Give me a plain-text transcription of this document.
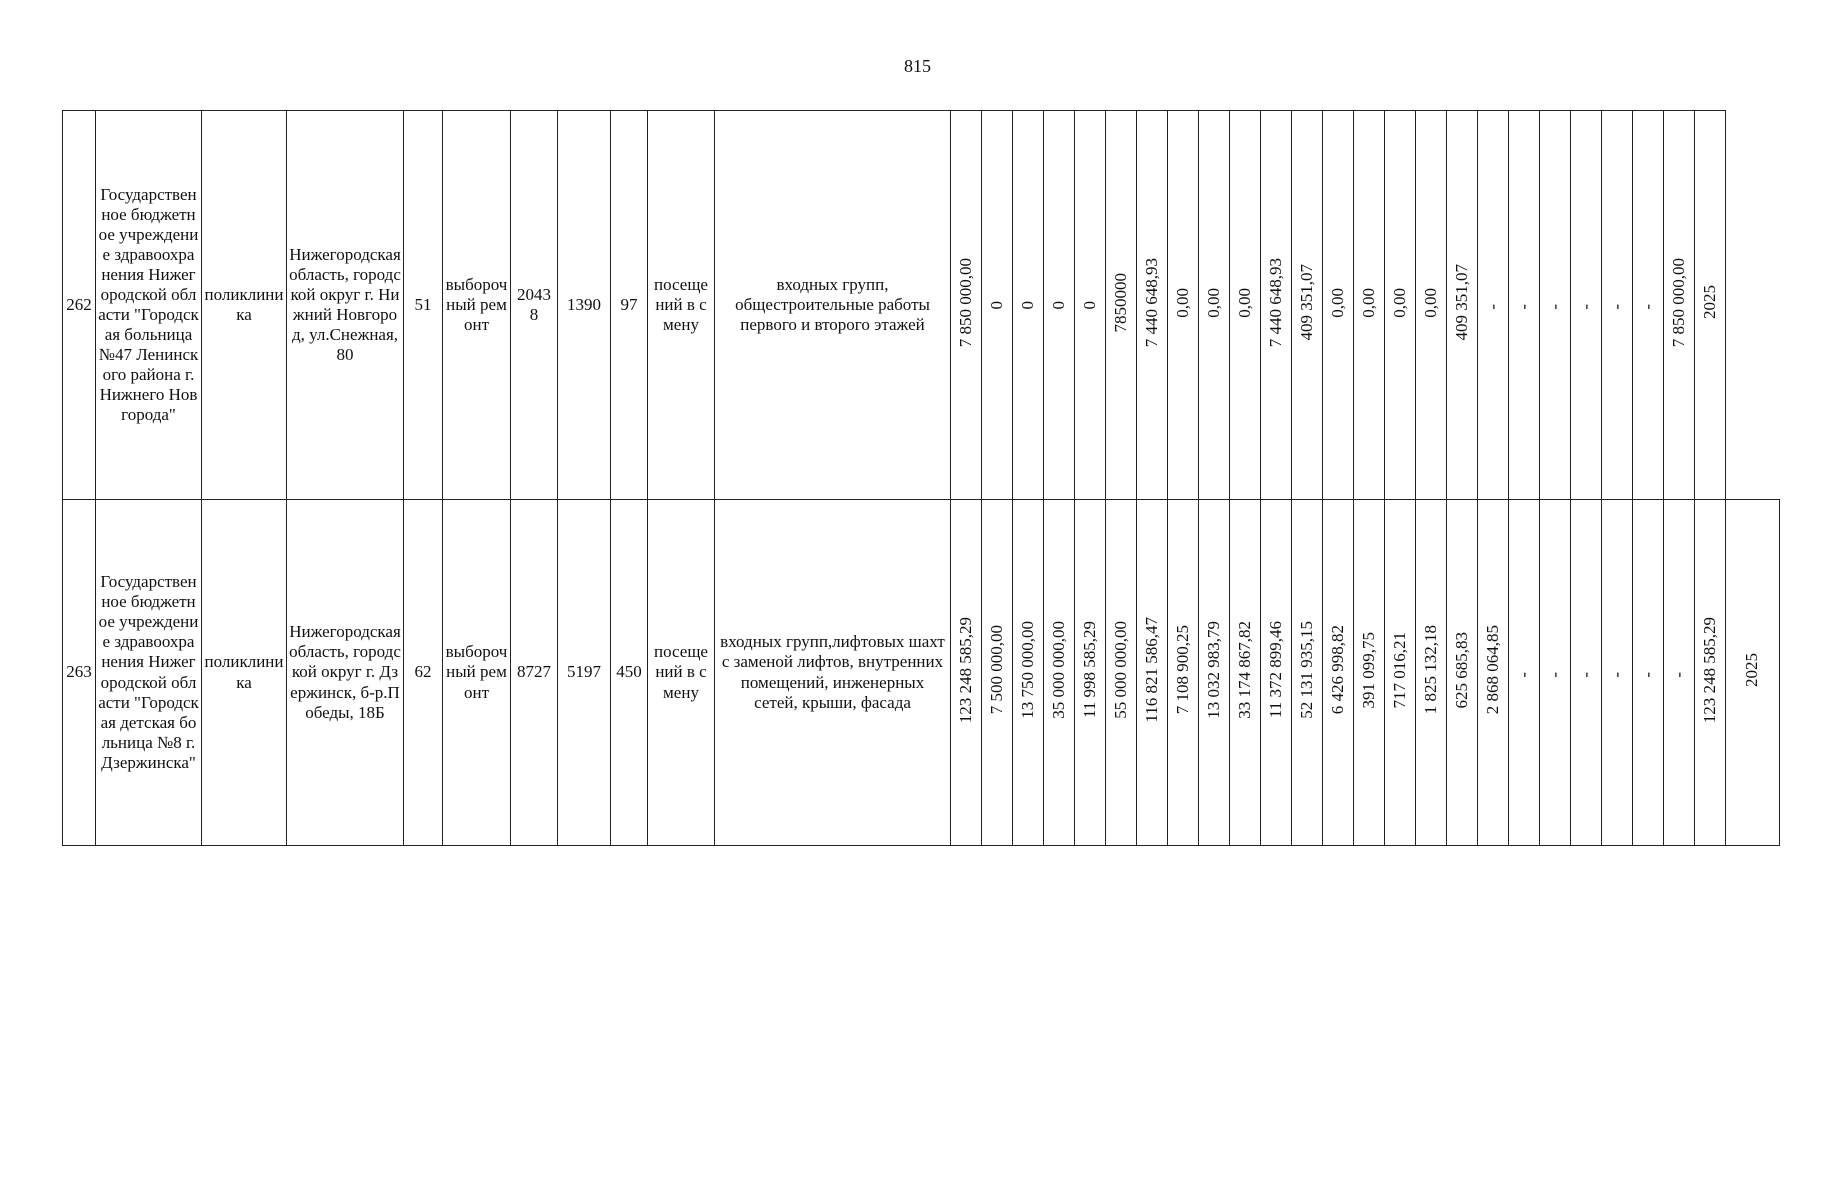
815
262	Государственное бюджетное учреждение здравоохранения Нижегородской области "Городская больница №47 Ленинского района г.Нижнего Новгорода"	поликлиника	Нижегородская область, городской округ г. Нижний Новгород, ул.Снежная, 80	51	выборочный ремонт	20438	1390	97	посещений в смену	входных групп, общестроительные работы первого и второго этажей	7 850 000,00	0	0	0	0	7850000	7 440 648,93	0,00	0,00	0,00	7 440 648,93	409 351,07	0,00	0,00	0,00	0,00	409 351,07	-	-	-	-	-	-	7 850 000,00	2025	
263	Государственное бюджетное учреждение здравоохранения Нижегородской области "Городская детская больница №8 г.Дзержинска"	поликлиника	Нижегородская область, городской округ г. Дзержинск, б-р.Победы, 18Б	62	выборочный ремонт	8727	5197	450	посещений в смену	входных групп,лифтовых шахт с заменой лифтов, внутренних помещений, инженерных сетей, крыши, фасада	123 248 585,29	7 500 000,00	13 750 000,00	35 000 000,00	11 998 585,29	55 000 000,00	116 821 586,47	7 108 900,25	13 032 983,79	33 174 867,82	11 372 899,46	52 131 935,15	6 426 998,82	391 099,75	717 016,21	1 825 132,18	625 685,83	2 868 064,85	-	-	-	-	-	-	123 248 585,29	2025
